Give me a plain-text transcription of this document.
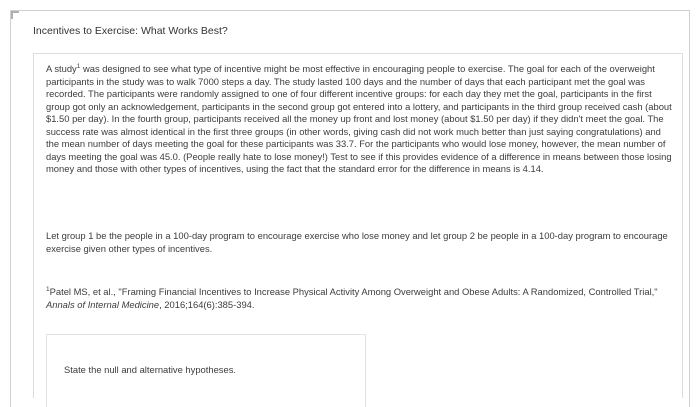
Incentives to Exercise: What Works Best?

A study$^1$ was designed to see what type of incentive might be most effective in encouraging people to exercise. The goal for each of the overweight participants in the study was to walk 7000 steps a day. The study lasted 100 days and the number of days that each participant met the goal was recorded. The participants were randomly assigned to one of four different incentive groups: for each day they met the goal, participants in the first group got only an acknowledgement, participants in the second group got entered into a lottery, and participants in the third group received cash (about $1.50 per day). In the fourth group, participants received all the money up front and lost money (about $1.50 per day) if they didn't meet the goal. The success rate was almost identical in the first three groups (in other words, giving cash did not work much better than just saying congratulations) and the mean number of days meeting the goal for these participants was 33.7. For the participants who would lose money, however, the mean number of days meeting the goal was 45.0. (People really hate to lose money!) Test to see if this provides evidence of a difference in means between those losing money and those with other types of incentives, using the fact that the standard error for the difference in means is 4.14.

Let group 1 be the people in a 100-day program to encourage exercise who lose money and let group 2 be people in a 100-day program to encourage exercise given other types of incentives.

$^1$Patel MS, et al., "Framing Financial Incentives to Increase Physical Activity Among Overweight and Obese Adults: A Randomized, Controlled Trial," Annals of Internal Medicine, 2016;164(6):385-394.

State the null and alternative hypotheses.
